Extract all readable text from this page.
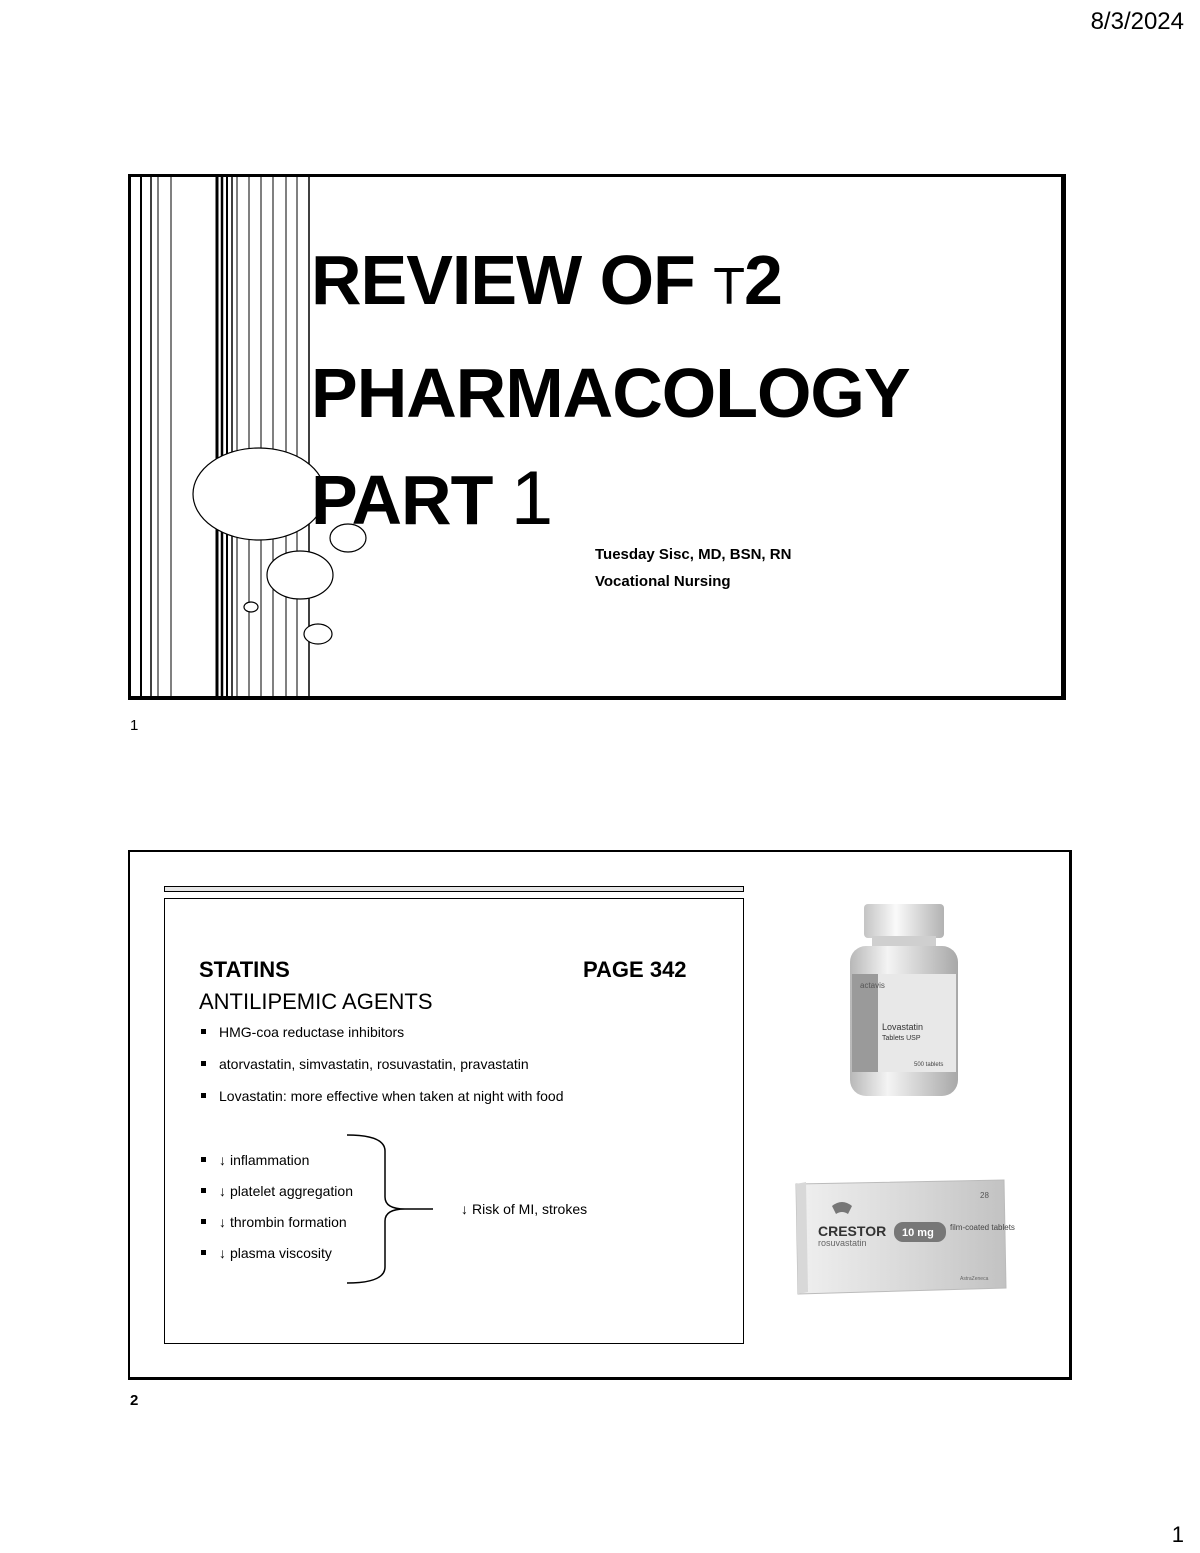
8/3/2024
REVIEW OF T2
PHARMACOLOGY
PART 1
Tuesday Sisc, MD, BSN, RN
Vocational Nursing
1
STATINS	PAGE 342
ANTILIPEMIC AGENTS
HMG-coa reductase inhibitors
atorvastatin, simvastatin, rosuvastatin, pravastatin
Lovastatin: more effective when taken at night with food
↓ inflammation
↓ platelet aggregation
↓ thrombin formation
↓ plasma viscosity
↓ Risk of MI, strokes
actavis
Lovastatin
Tablets USP
500 tablets
CRESTOR
rosuvastatin
10 mg film-coated tablets
28
AstraZeneca
2
1
